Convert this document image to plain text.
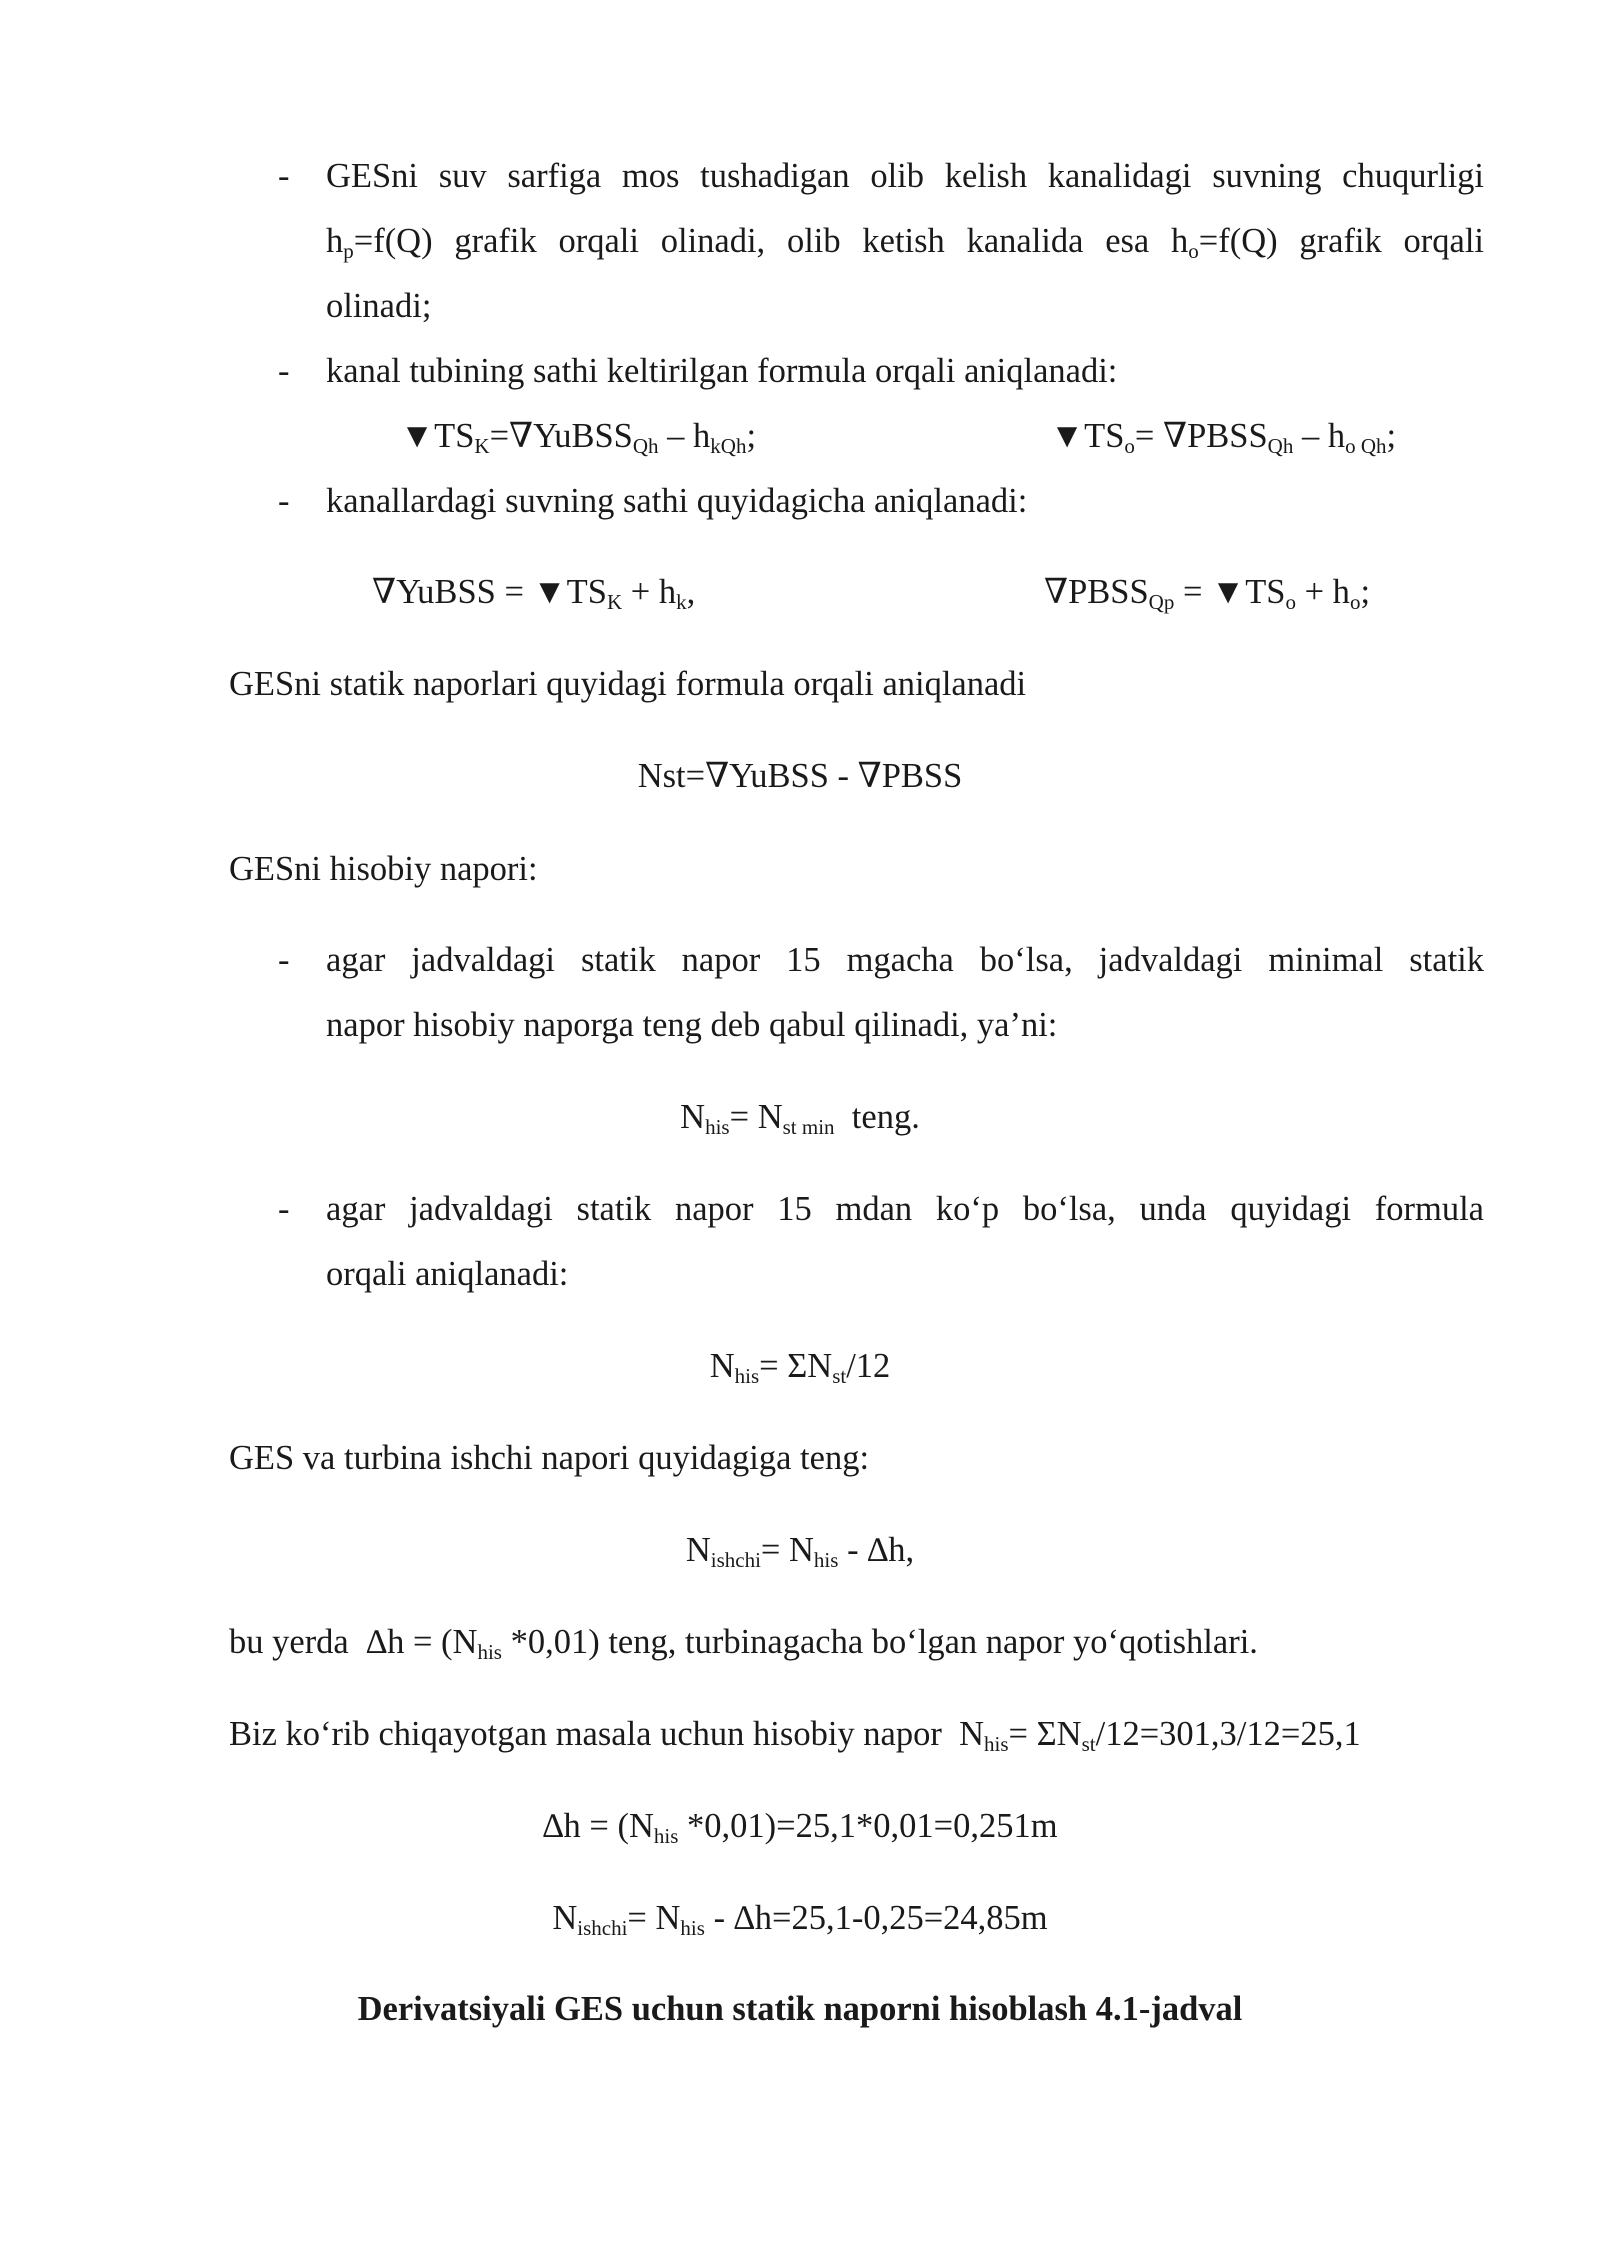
- GESni suv sarfiga mos tushadigan olib kelish kanalidagi suvning chuqurligi
$h_p=f(Q)$ grafik orqali olinadi, olib ketish kanalida esa $h_o=f(Q)$ grafik orqali
olinadi;
- kanal tubining sathi keltirilgan formula orqali aniqlanadi:
$▼TS_K=\nabla YuBSS_{Qh} - h_{kQh}$;	$▼TS_o=$ $\nabla PBSS_{Qh} - h_{o Qh}$;
- kanallardagi suvning sathi quyidagicha aniqlanadi:
∇YuBSS = $▼TS_K + h_k$,	$\nabla PBSS_{Qp}$ = $▼TS_o + h_o$;
GESni statik naporlari quyidagi formula orqali aniqlanadi
Nst=∇YuBSS - ∇PBSS
GESni hisobiy napori:
- agar jadvaldagi statik napor 15 mgacha bo‘lsa, jadvaldagi minimal statik
napor hisobiy naporga teng deb qabul qilinadi, ya’ni:
$N_{his}= N_{st min}$  teng.
- agar jadvaldagi statik napor 15 mdan ko‘p bo‘lsa, unda quyidagi formula
orqali aniqlanadi:
$N_{his}= \Sigma N_{st}/12$
GES va turbina ishchi napori quyidagiga teng:
$N_{ishchi}= N_{his} - \Delta h$,
bu yerda  $\Delta h = (N_{his}$ *0,01) teng, turbinagacha bo‘lgan napor yo‘qotishlari.
Biz ko‘rib chiqayotgan masala uchun hisobiy napor  $N_{his}= \Sigma N_{st}/12=301,3/12=25,1$
$\Delta h = (N_{his}$ *0,01)=25,1*0,01=0,251m
$N_{ishchi}= N_{his} - \Delta h=25,1-0,25=24,85m$
Derivatsiyali GES uchun statik naporni hisoblash 4.1-jadval
